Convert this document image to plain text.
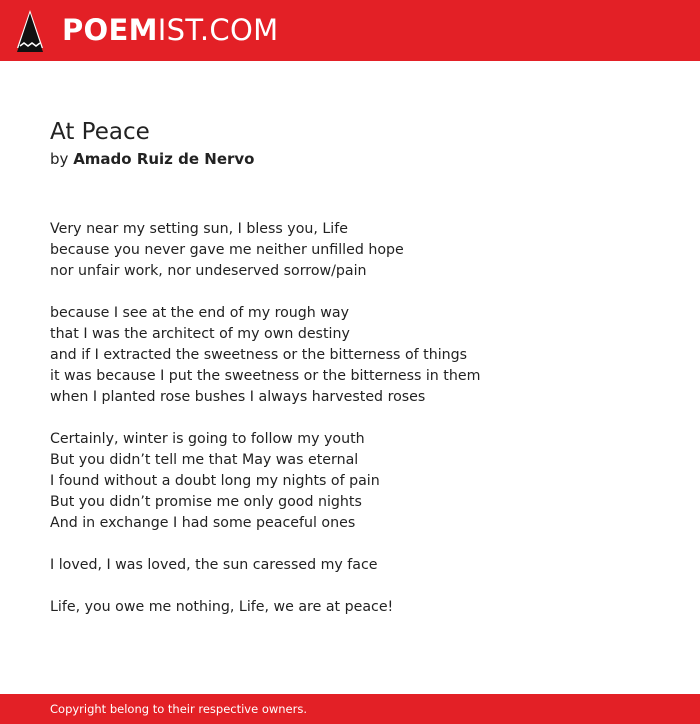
POEMIST.COM
At Peace
by Amado Ruiz de Nervo
Very near my setting sun, I bless you, Life
because you never gave me neither unfilled hope
nor unfair work, nor undeserved sorrow/pain
because I see at the end of my rough way
that I was the architect of my own destiny
and if I extracted the sweetness or the bitterness of things
it was because I put the sweetness or the bitterness in them
when I planted rose bushes I always harvested roses
Certainly, winter is going to follow my youth
But you didn’t tell me that May was eternal
I found without a doubt long my nights of pain
But you didn’t promise me only good nights
And in exchange I had some peaceful ones
I loved, I was loved, the sun caressed my face
Life, you owe me nothing, Life, we are at peace!
Copyright belong to their respective owners.
